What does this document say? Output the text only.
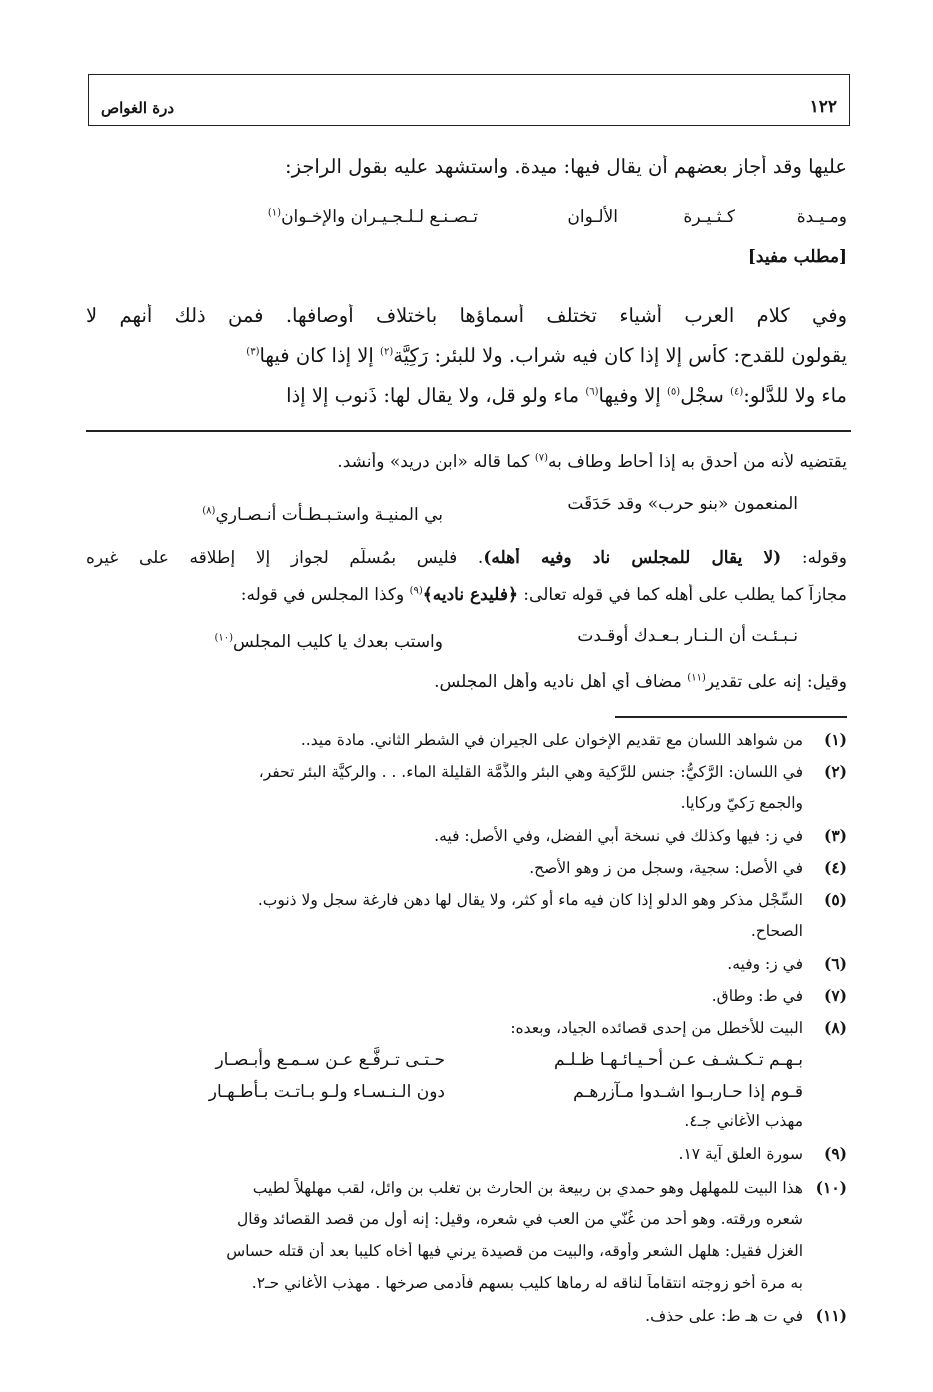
١٢٢
درة الغواص
عليها وقد أجاز بعضهم أن يقال فيها: ميدة. واستشهد عليه بقول الراجز:
ومـيـدة
كـثـيـرة
الألـوان
تـصـنـع لـلـجـيـران والإخـوان$^{(١)}$
[مطلب مفيد]
وفي كلام العرب أشياء تختلف أسماؤها باختلاف أوصافها. فمن ذلك أنهم لا
يقولون للقدح: كأس إلا إذا كان فيه شراب. ولا للبئر: رَكِيَّة$^{(٢)}$ إلا إذا كان فيها$^{(٣)}$
ماء ولا للدَّلو:$^{(٤)}$ سجْل$^{(٥)}$ إلا وفيها$^{(٦)}$ ماء ولو قل، ولا يقال لها: ذَنوب إلا إذا
يقتضيه لأنه من أحدق به إذا أحاط وطاف به$^{(٧)}$ كما قاله «ابن دريد» وأنشد.
المنعمون «بنو حرب» وقد حَدَقَت
بي المنيـة واستـبـطـأت أنـصـاري$^{(٨)}$
وقوله: (لا يقال للمجلس ناد وفيه أهله). فليس بمُسلَّم لجواز إلا إطلاقه على غيره
مجازاً كما يطلب على أهله كما في قوله تعالى: ﴿فليدع ناديه﴾$^{(٩)}$ وكذا المجلس في قوله:
نـبـئـت أن الـنـار بـعـدك أوقـدت
واستب بعدك يا كليب المجلس$^{(١٠)}$
وقيل: إنه على تقدير$^{(١١)}$ مضاف أي أهل ناديه وأهل المجلس.
(١)من شواهد اللسان مع تقديم الإخوان على الجيران في الشطر الثاني. مادة ميد..
(٢)في اللسان: الرَّكيُّ: جنس للرَّكية وهي البئر والذَّمَّة القليلة الماء. . . والركيَّة البئر تحفر،
والجمع رَكيّ وركايا.
(٣)في ز: فيها وكذلك في نسخة أبي الفضل، وفي الأصل: فيه.
(٤)في الأصل: سجية، وسجل من ز وهو الأصح.
(٥)السِّجْل مذكر وهو الدلو إذا كان فيه ماء أو كثر، ولا يقال لها دهن فارغة سجل ولا ذنوب.
الصحاح.
(٦)في ز: وفيه.
(٧)في ط: وطاق.
(٨)البيت للأخطل من إحدى قصائده الجياد، وبعده:
بـهـم تـكـشـف عـن أحـيـائـهـا ظـلـم
حـتـى تـرفَّـع عـن سـمـع وأبـصـار
قـوم إذا حـاربـوا اشـدوا مـآزرهـم
دون الـنـسـاء ولـو بـاتـت بـأطـهـار
مهذب الأغاني جـ٤.
(٩)سورة العلق آية ١٧.
(١٠)هذا البيت للمهلهل وهو حمدي بن ربيعة بن الحارث بن تغلب بن وائل، لقب مهلهلاً لطيب
شعره ورقته. وهو أحد من غُنّي من العب في شعره، وقيل: إنه أول من قصد القصائد وقال
الغزل فقيل: هلهل الشعر وأوقه، والبيت من قصيدة يرني فيها أخاه كليبا بعد أن قتله حساس
به مرة أخو زوجته انتقاماً لناقه له رماها كليب بسهم فأدمى صرخها . مهذب الأغاني حـ٢.
(١١)في ت هـ ط: على حذف.
